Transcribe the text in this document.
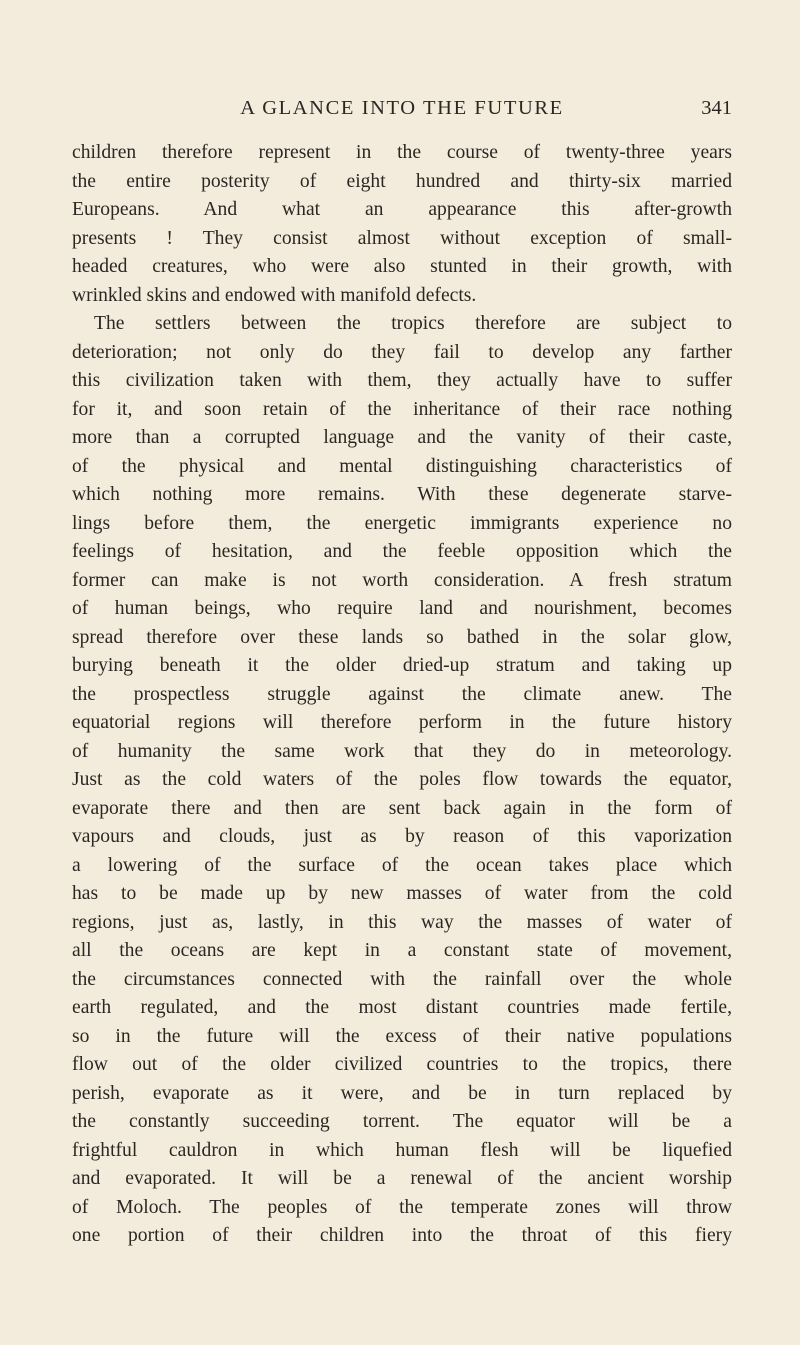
A GLANCE INTO THE FUTURE	341
children therefore represent in the course of twenty-three years
the entire posterity of eight hundred and thirty-six married
Europeans. And what an appearance this after-growth
presents ! They consist almost without exception of small-
headed creatures, who were also stunted in their growth, with
wrinkled skins and endowed with manifold defects.
The settlers between the tropics therefore are subject to
deterioration; not only do they fail to develop any farther
this civilization taken with them, they actually have to suffer
for it, and soon retain of the inheritance of their race nothing
more than a corrupted language and the vanity of their caste,
of the physical and mental distinguishing characteristics of
which nothing more remains. With these degenerate starve-
lings before them, the energetic immigrants experience no
feelings of hesitation, and the feeble opposition which the
former can make is not worth consideration. A fresh stratum
of human beings, who require land and nourishment, becomes
spread therefore over these lands so bathed in the solar glow,
burying beneath it the older dried-up stratum and taking up
the prospectless struggle against the climate anew. The
equatorial regions will therefore perform in the future history
of humanity the same work that they do in meteorology.
Just as the cold waters of the poles flow towards the equator,
evaporate there and then are sent back again in the form of
vapours and clouds, just as by reason of this vaporization
a lowering of the surface of the ocean takes place which
has to be made up by new masses of water from the cold
regions, just as, lastly, in this way the masses of water of
all the oceans are kept in a constant state of movement,
the circumstances connected with the rainfall over the whole
earth regulated, and the most distant countries made fertile,
so in the future will the excess of their native populations
flow out of the older civilized countries to the tropics, there
perish, evaporate as it were, and be in turn replaced by
the constantly succeeding torrent. The equator will be a
frightful cauldron in which human flesh will be liquefied
and evaporated. It will be a renewal of the ancient worship
of Moloch. The peoples of the temperate zones will throw
one portion of their children into the throat of this fiery
